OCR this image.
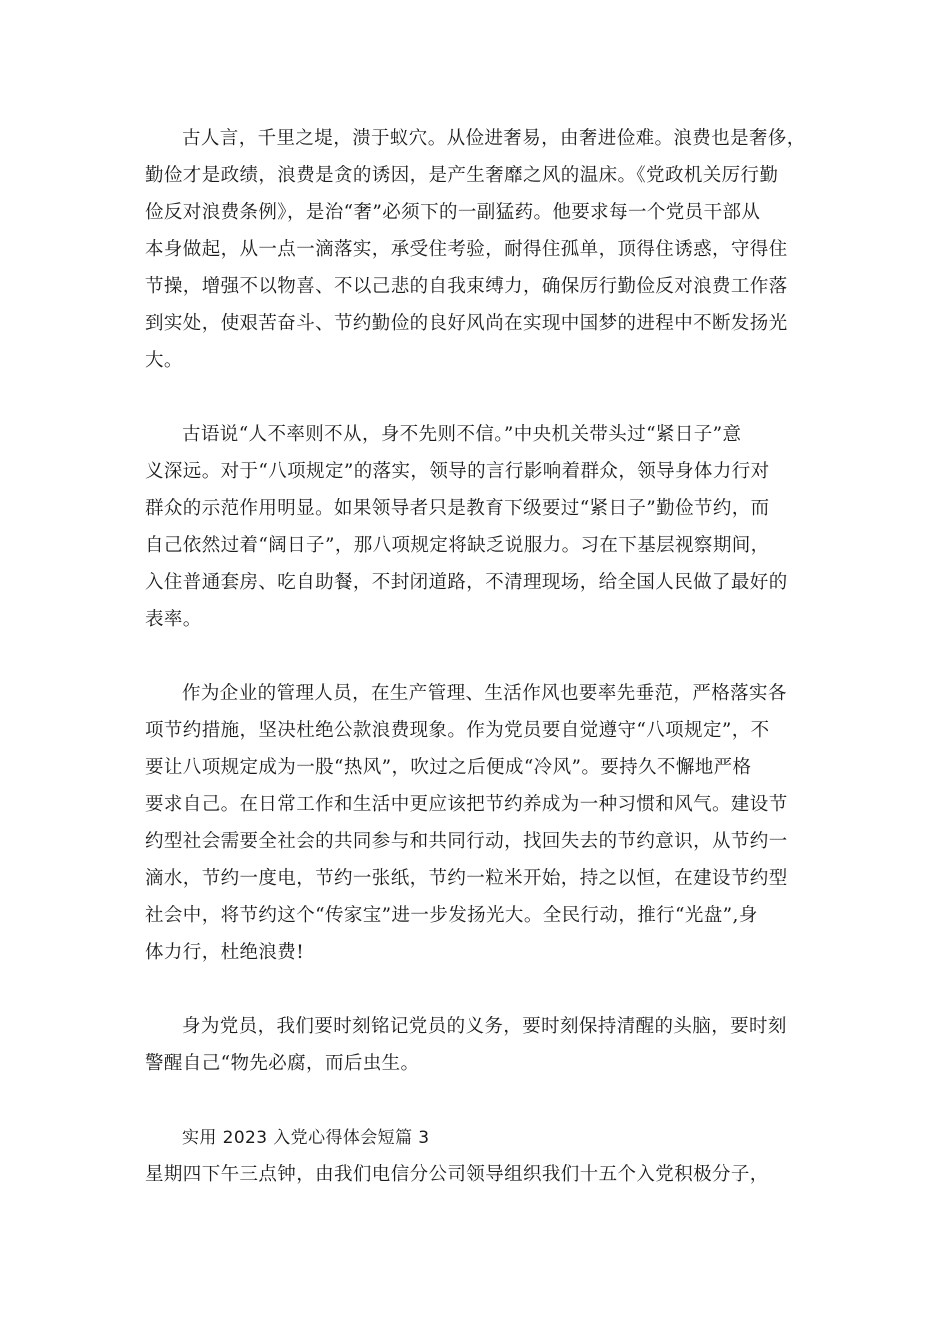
古人言，千里之堤，溃于蚁穴。从俭进奢易，由奢进俭难。浪费也是奢侈，
勤俭才是政绩，浪费是贪的诱因，是产生奢靡之风的温床。《党政机关厉行勤
俭反对浪费条例》，是治“奢”必须下的一副猛药。他要求每一个党员干部从
本身做起，从一点一滴落实，承受住考验，耐得住孤单，顶得住诱惑，守得住
节操，增强不以物喜、不以己悲的自我束缚力，确保厉行勤俭反对浪费工作落
到实处，使艰苦奋斗、节约勤俭的良好风尚在实现中国梦的进程中不断发扬光
大。
古语说“人不率则不从，身不先则不信。”中央机关带头过“紧日子”意
义深远。对于“八项规定”的落实，领导的言行影响着群众，领导身体力行对
群众的示范作用明显。如果领导者只是教育下级要过“紧日子”勤俭节约，而
自己依然过着“阔日子”，那八项规定将缺乏说服力。习在下基层视察期间，
入住普通套房、吃自助餐，不封闭道路，不清理现场，给全国人民做了最好的
表率。
作为企业的管理人员，在生产管理、生活作风也要率先垂范，严格落实各
项节约措施，坚决杜绝公款浪费现象。作为党员要自觉遵守“八项规定”，不
要让八项规定成为一股“热风”，吹过之后便成“冷风”。要持久不懈地严格
要求自己。在日常工作和生活中更应该把节约养成为一种习惯和风气。建设节
约型社会需要全社会的共同参与和共同行动，找回失去的节约意识，从节约一
滴水，节约一度电，节约一张纸，节约一粒米开始，持之以恒，在建设节约型
社会中，将节约这个“传家宝”进一步发扬光大。全民行动，推行“光盘”,身
体力行，杜绝浪费!
身为党员，我们要时刻铭记党员的义务，要时刻保持清醒的头脑，要时刻
警醒自己“物先必腐，而后虫生。
实用 2023 入党心得体会短篇 3
星期四下午三点钟，由我们电信分公司领导组织我们十五个入党积极分子，
